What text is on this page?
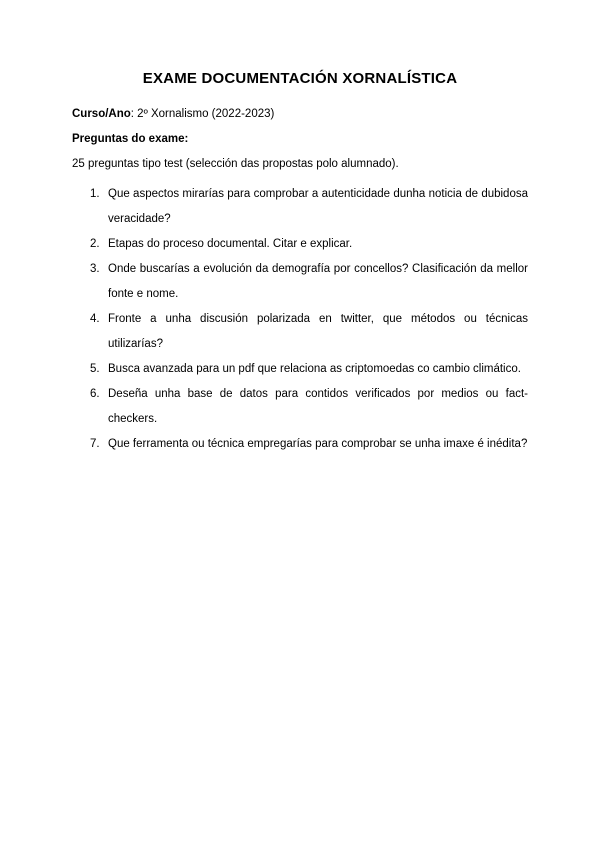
EXAME DOCUMENTACIÓN XORNALÍSTICA
Curso/Ano: 2º Xornalismo (2022-2023)
Preguntas do exame:
25 preguntas tipo test (selección das propostas polo alumnado).
1. Que aspectos mirarías para comprobar a autenticidade dunha noticia de dubidosa veracidade?
2. Etapas do proceso documental. Citar e explicar.
3. Onde buscarías a evolución da demografía por concellos? Clasificación da mellor fonte e nome.
4. Fronte a unha discusión polarizada en twitter, que métodos ou técnicas utilizarías?
5. Busca avanzada para un pdf que relaciona as criptomoedas co cambio climático.
6. Deseña unha base de datos para contidos verificados por medios ou fact-checkers.
7. Que ferramenta ou técnica empregarías para comprobar se unha imaxe é inédita?
